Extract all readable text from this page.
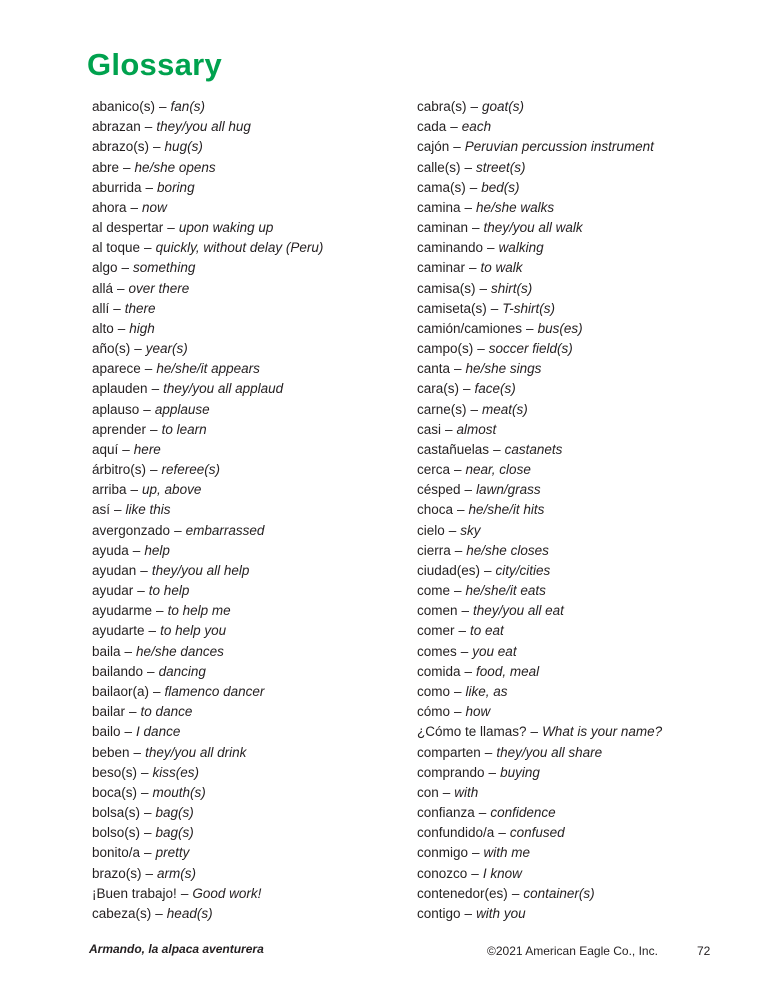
Glossary
abanico(s) – fan(s)
abrazan – they/you all hug
abrazo(s) – hug(s)
abre – he/she opens
aburrida – boring
ahora – now
al despertar – upon waking up
al toque – quickly, without delay (Peru)
algo – something
allá – over there
allí – there
alto – high
año(s) – year(s)
aparece – he/she/it appears
aplauden – they/you all applaud
aplauso – applause
aprender – to learn
aquí – here
árbitro(s) – referee(s)
arriba – up, above
así – like this
avergonzado – embarrassed
ayuda – help
ayudan – they/you all help
ayudar – to help
ayudarme – to help me
ayudarte – to help you
baila – he/she dances
bailando – dancing
bailaor(a) – flamenco dancer
bailar – to dance
bailo – I dance
beben – they/you all drink
beso(s) – kiss(es)
boca(s) – mouth(s)
bolsa(s) – bag(s)
bolso(s) – bag(s)
bonito/a – pretty
brazo(s) – arm(s)
¡Buen trabajo! – Good work!
cabeza(s) – head(s)
cabra(s) – goat(s)
cada – each
cajón – Peruvian percussion instrument
calle(s) – street(s)
cama(s) – bed(s)
camina – he/she walks
caminan – they/you all walk
caminando – walking
caminar – to walk
camisa(s) – shirt(s)
camiseta(s) – T-shirt(s)
camión/camiones – bus(es)
campo(s) – soccer field(s)
canta – he/she sings
cara(s) – face(s)
carne(s) – meat(s)
casi – almost
castañuelas – castanets
cerca – near, close
césped – lawn/grass
choca – he/she/it hits
cielo – sky
cierra – he/she closes
ciudad(es) – city/cities
come – he/she/it eats
comen – they/you all eat
comer – to eat
comes – you eat
comida – food, meal
como – like, as
cómo – how
¿Cómo te llamas? – What is your name?
comparten – they/you all share
comprando – buying
con – with
confianza – confidence
confundido/a – confused
conmigo – with me
conozco – I know
contenedor(es) – container(s)
contigo – with you
Armando, la alpaca aventurera	©2021 American Eagle Co., Inc.	72
